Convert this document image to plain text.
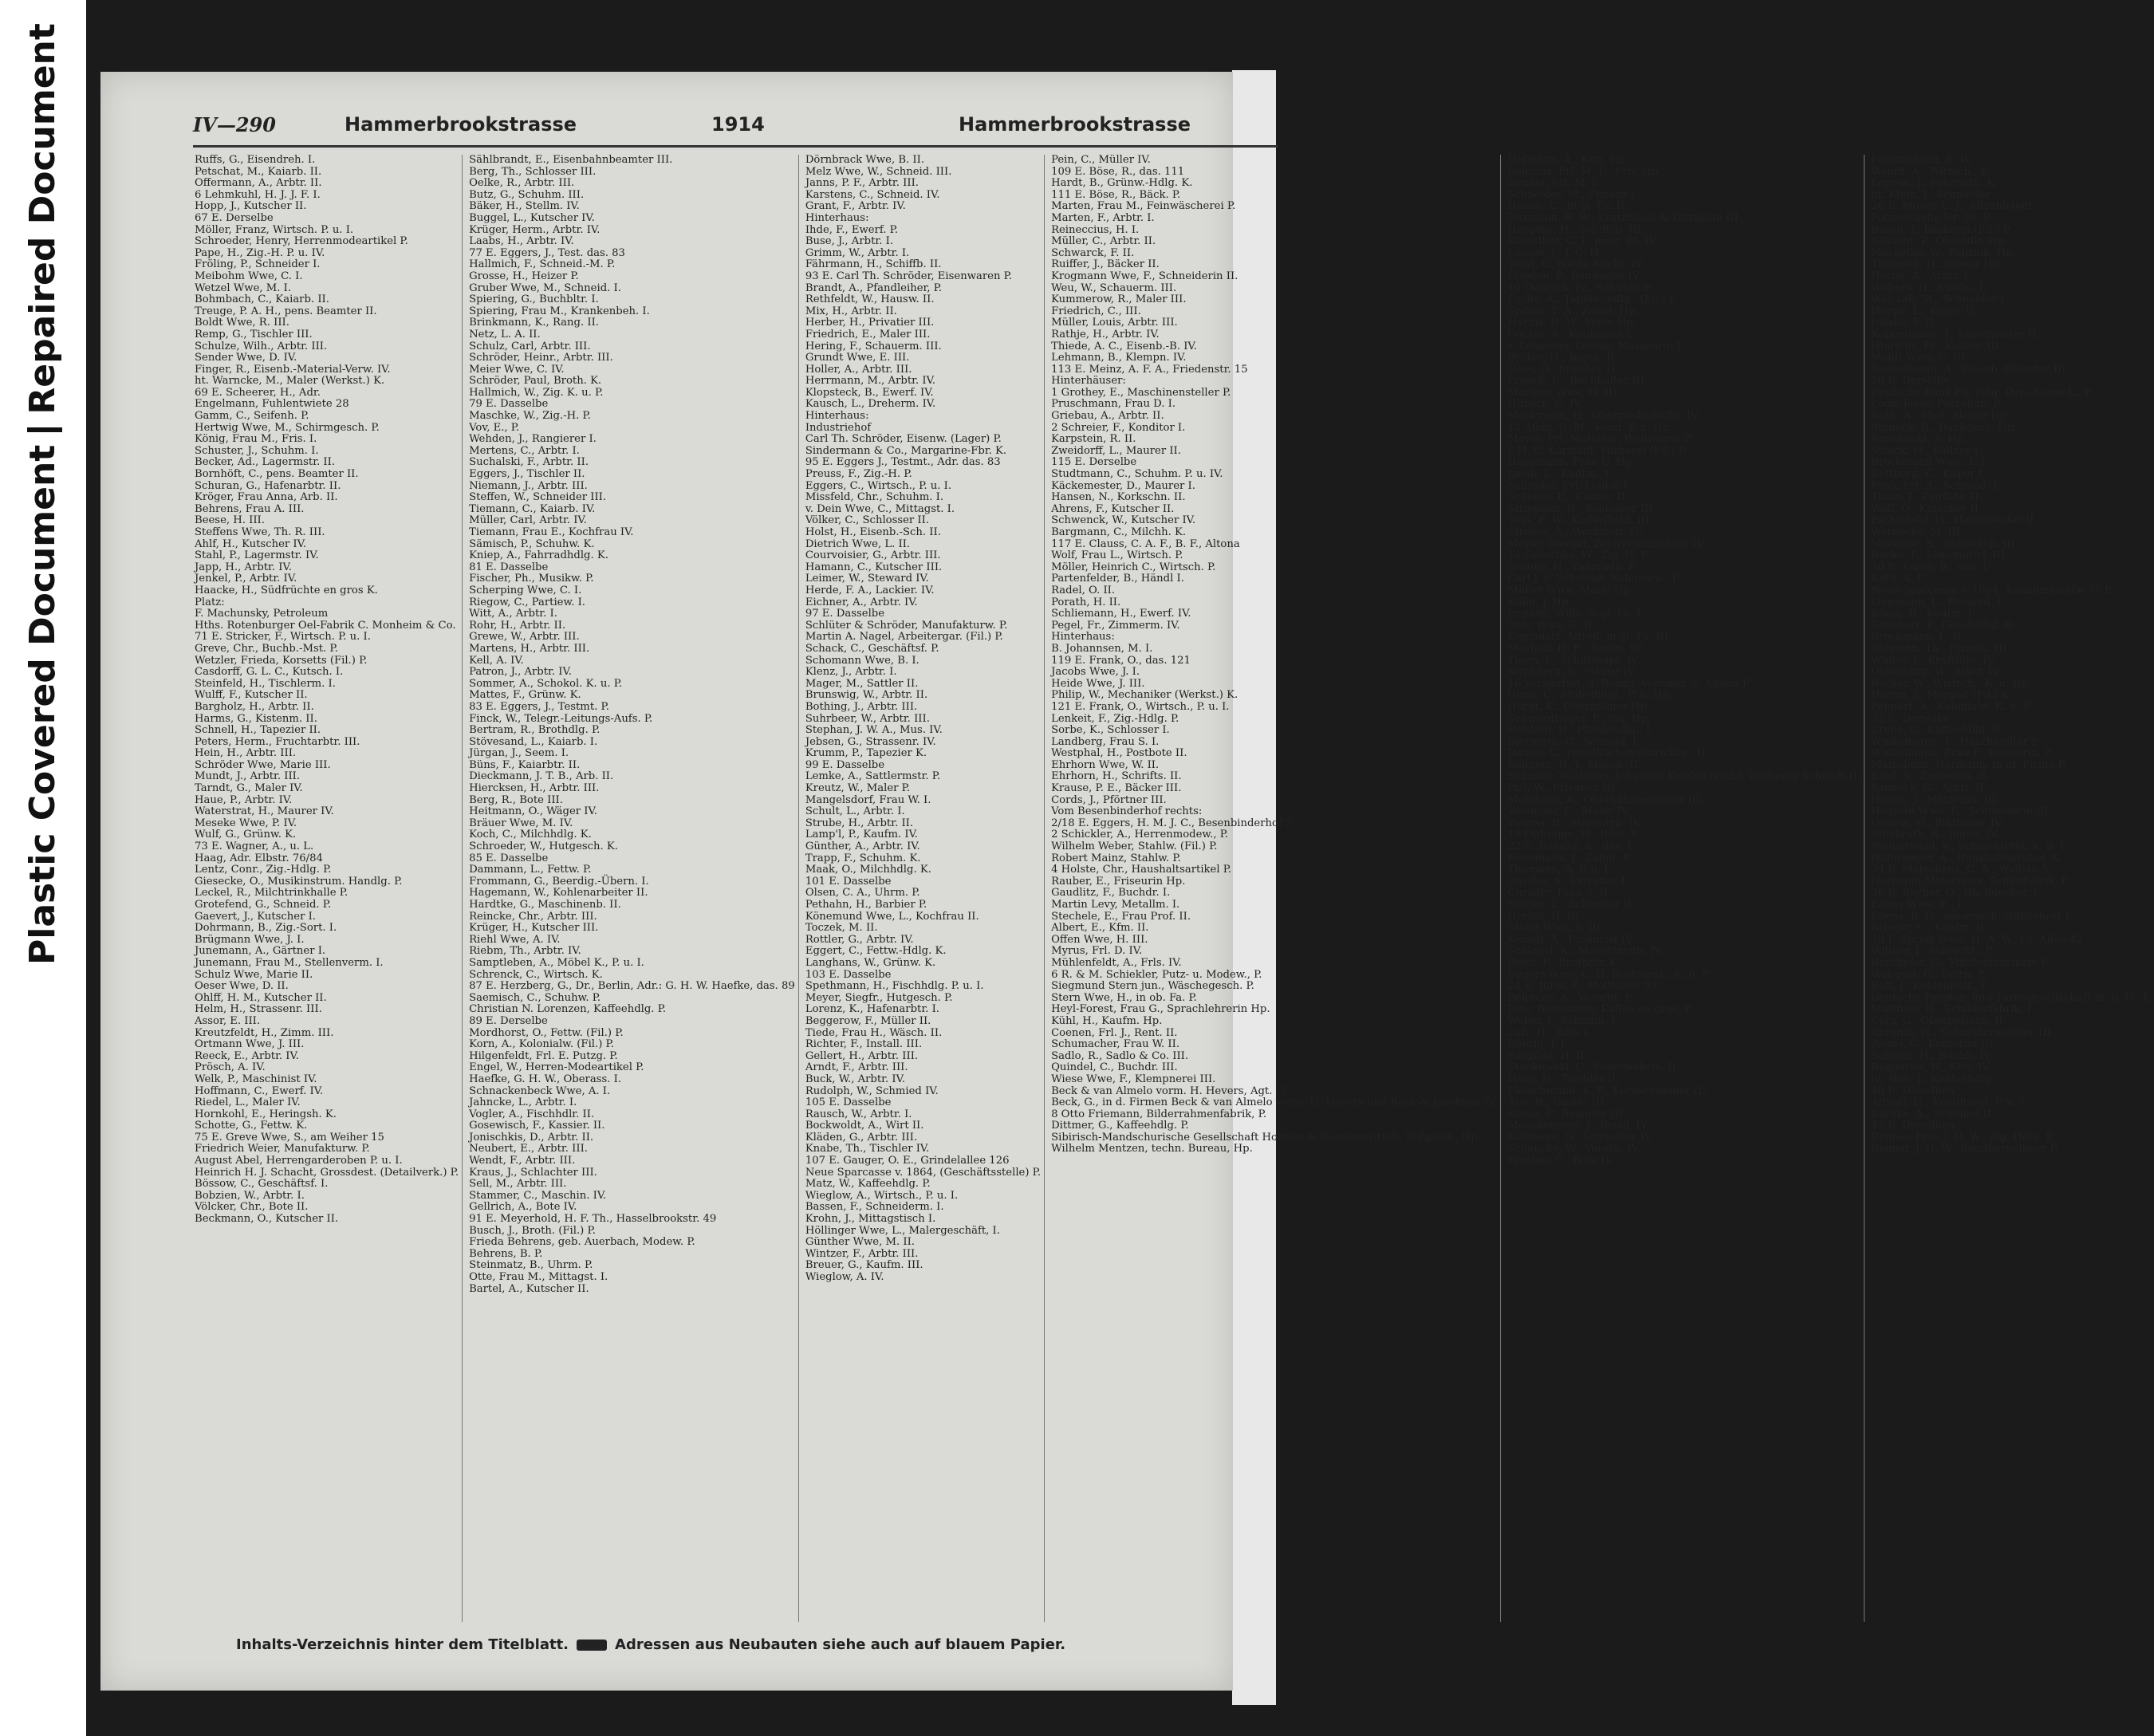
Plastic Covered DocumentRepaired Document	IV—290	Hammerbrookstrasse	1914	Hammerbrookstrasse
Ruffs, G., Eisendreh. I.
Petschat, M., Kaiarb. II.
Offermann, A., Arbtr. II.
6 Lehmkuhl, H. J. J. F. I.
Hopp, J., Kutscher II.
67 E. Derselbe
Möller, Franz, Wirtsch. P. u. I.
Schroeder, Henry, Herrenmodeartikel P.
Pape, H., Zig.-H. P. u. IV.
Fröling, P., Schneider I.
Meibohm Wwe, C. I.
Wetzel Wwe, M. I.
Bohmbach, C., Kaiarb. II.
Treuge, P. A. H., pens. Beamter II.
Boldt Wwe, R. III.
Remp, G., Tischler III.
Schulze, Wilh., Arbtr. III.
Sender Wwe, D. IV.
Finger, R., Eisenb.-Material-Verw. IV.
ht. Warncke, M., Maler (Werkst.) K.
69 E. Scheerer, H., Adr.
Engelmann, Fuhlentwiete 28
Gamm, C., Seifenh. P.
Hertwig Wwe, M., Schirmgesch. P.
König, Frau M., Fris. I.
Schuster, J., Schuhm. I.
Becker, Ad., Lagermstr. II.
Bornhöft, C., pens. Beamter II.
Schuran, G., Hafenarbtr. II.
Kröger, Frau Anna, Arb. II.
Behrens, Frau A. III.
Beese, H. III.
Steffens Wwe, Th. R. III.
Ahlf, H., Kutscher IV.
Stahl, P., Lagermstr. IV.
Japp, H., Arbtr. IV.
Jenkel, P., Arbtr. IV.
Haacke, H., Südfrüchte en gros K.
Platz:
F. Machunsky, Petroleum
Hths. Rotenburger Oel-Fabrik C. Monheim & Co.
71 E. Stricker, F., Wirtsch. P. u. I.
Greve, Chr., Buchb.-Mst. P.
Wetzler, Frieda, Korsetts (Fil.) P.
Casdorff, G. L. C., Kutsch. I.
Steinfeld, H., Tischlerm. I.
Wulff, F., Kutscher II.
Bargholz, H., Arbtr. II.
Harms, G., Kistenm. II.
Schnell, H., Tapezier II.
Peters, Herm., Fruchtarbtr. III.
Hein, H., Arbtr. III.
Schröder Wwe, Marie III.
Mundt, J., Arbtr. III.
Tarndt, G., Maler IV.
Haue, P., Arbtr. IV.
Waterstrat, H., Maurer IV.
Meseke Wwe, P. IV.
Wulf, G., Grünw. K.
73 E. Wagner, A., u. L.
Haag, Adr. Elbstr. 76/84
Lentz, Conr., Zig.-Hdlg. P.
Giesecke, O., Musikinstrum. Handlg. P.
Leckel, R., Milchtrinkhalle P.
Grotefend, G., Schneid. P.
Gaevert, J., Kutscher I.
Dohrmann, B., Zig.-Sort. I.
Brügmann Wwe, J. I.
Junemann, A., Gärtner I.
Junemann, Frau M., Stellenverm. I.
Schulz Wwe, Marie II.
Oeser Wwe, D. II.
Ohlff, H. M., Kutscher II.
Helm, H., Strassenr. III.
Assor, E. III.
Kreutzfeldt, H., Zimm. III.
Ortmann Wwe, J. III.
Reeck, E., Arbtr. IV.
Prösch, A. IV.
Welk, P., Maschinist IV.
Hoffmann, C., Ewerf. IV.
Riedel, L., Maler IV.
Hornkohl, E., Heringsh. K.
Schotte, G., Fettw. K.
75 E. Greve Wwe, S., am Weiher 15
Friedrich Weier, Manufakturw. P.
August Abel, Herrengarderoben P. u. I.
Heinrich H. J. Schacht, Grossdest. (Detailverk.) P.
Bössow, C., Geschäftsf. I.
Bobzien, W., Arbtr. I.
Völcker, Chr., Bote II.
Beckmann, O., Kutscher II.
Sählbrandt, E., Eisenbahnbeamter III.
Berg, Th., Schlosser III.
Oelke, R., Arbtr. III.
Butz, G., Schuhm. III.
Bäker, H., Stellm. IV.
Buggel, L., Kutscher IV.
Krüger, Herm., Arbtr. IV.
Laabs, H., Arbtr. IV.
77 E. Eggers, J., Test. das. 83
Hallmich, F., Schneid.-M. P.
Grosse, H., Heizer P.
Gruber Wwe, M., Schneid. I.
Spiering, G., Buchbltr. I.
Spiering, Frau M., Krankenbeh. I.
Brinkmann, K., Rang. II.
Netz, L. A. II.
Schulz, Carl, Arbtr. III.
Schröder, Heinr., Arbtr. III.
Meier Wwe, C. IV.
Schröder, Paul, Broth. K.
Hallmich, W., Zig. K. u. P.
79 E. Dasselbe
Maschke, W., Zig.-H. P.
Vov, E., P.
Wehden, J., Rangierer I.
Mertens, C., Arbtr. I.
Suchalski, F., Arbtr. II.
Eggers, J., Tischler II.
Niemann, J., Arbtr. III.
Steffen, W., Schneider III.
Tiemann, C., Kaiarb. IV.
Müller, Carl, Arbtr. IV.
Tiemann, Frau E., Kochfrau IV.
Sämisch, P., Schuhw. K.
Kniep, A., Fahrradhdlg. K.
81 E. Dasselbe
Fischer, Ph., Musikw. P.
Scherping Wwe, C. I.
Riegow, C., Partiew. I.
Witt, A., Arbtr. I.
Rohr, H., Arbtr. II.
Grewe, W., Arbtr. III.
Martens, H., Arbtr. III.
Kell, A. IV.
Patron, J., Arbtr. IV.
Sommer, A., Schokol. K. u. P.
Mattes, F., Grünw. K.
83 E. Eggers, J., Testmt. P.
Finck, W., Telegr.-Leitungs-Aufs. P.
Bertram, R., Brothdlg. P.
Stövesand, L., Kaiarb. I.
Jürgan, J., Seem. I.
Büns, F., Kaiarbtr. II.
Dieckmann, J. T. B., Arb. II.
Hiercksen, H., Arbtr. III.
Berg, R., Bote III.
Heitmann, O., Wäger IV.
Bräuer Wwe, M. IV.
Koch, C., Milchhdlg. K.
Schroeder, W., Hutgesch. K.
85 E. Dasselbe
Dammann, L., Fettw. P.
Frommann, G., Beerdig.-Übern. I.
Hagemann, W., Kohlenarbeiter II.
Hardtke, G., Maschinenb. II.
Reincke, Chr., Arbtr. III.
Krüger, H., Kutscher III.
Riehl Wwe, A. IV.
Riebm, Th., Arbtr. IV.
Samptleben, A., Möbel K., P. u. I.
Schrenck, C., Wirtsch. K.
87 E. Herzberg, G., Dr., Berlin, Adr.: G. H. W. Haefke, das. 89
Saemisch, C., Schuhw. P.
Christian N. Lorenzen, Kaffeehdlg. P.
89 E. Derselbe
Mordhorst, O., Fettw. (Fil.) P.
Korn, A., Kolonialw. (Fil.) P.
Hilgenfeldt, Frl. E. Putzg. P.
Engel, W., Herren-Modeartikel P.
Haefke, G. H. W., Oberass. I.
Schnackenbeck Wwe, A. I.
Jahncke, L., Arbtr. I.
Vogler, A., Fischhdlr. II.
Gosewisch, F., Kassier. II.
Jonischkis, D., Arbtr. II.
Neubert, E., Arbtr. III.
Wendt, F., Arbtr. III.
Kraus, J., Schlachter III.
Sell, M., Arbtr. III.
Stammer, C., Maschin. IV.
Gellrich, A., Bote IV.
91 E. Meyerhold, H. F. Th., Hasselbrookstr. 49
Busch, J., Broth. (Fil.) P.
Frieda Behrens, geb. Auerbach, Modew. P.
Behrens, B. P.
Steinmatz, B., Uhrm. P.
Otte, Frau M., Mittagst. I.
Bartel, A., Kutscher II.
Dörnbrack Wwe, B. II.
Melz Wwe, W., Schneid. III.
Janns, P. F., Arbtr. III.
Karstens, C., Schneid. IV.
Grant, F., Arbtr. IV.
Hinterhaus:
Ihde, F., Ewerf. P.
Buse, J., Arbtr. I.
Grimm, W., Arbtr. I.
Fährmann, H., Schiffb. II.
93 E. Carl Th. Schröder, Eisenwaren P.
Brandt, A., Pfandleiher, P.
Rethfeldt, W., Hausw. II.
Mix, H., Arbtr. II.
Herber, H., Privatier III.
Friedrich, E., Maler III.
Hering, F., Schauerm. III.
Grundt Wwe, E. III.
Holler, A., Arbtr. III.
Herrmann, M., Arbtr. IV.
Klopsteck, B., Ewerf. IV.
Kausch, L., Dreherm. IV.
Hinterhaus:
Industriehof
Carl Th. Schröder, Eisenw. (Lager) P.
Sindermann & Co., Margarine-Fbr. K.
95 E. Eggers J., Testmt., Adr. das. 83
Preuss, F., Zig.-H. P.
Eggers, C., Wirtsch., P. u. I.
Missfeld, Chr., Schuhm. I.
v. Dein Wwe, C., Mittagst. I.
Völker, C., Schlosser II.
Holst, H., Eisenb.-Sch. II.
Dietrich Wwe, L. II.
Courvoisier, G., Arbtr. III.
Hamann, C., Kutscher III.
Leimer, W., Steward IV.
Herde, F. A., Lackier. IV.
Eichner, A., Arbtr. IV.
97 E. Dasselbe
Schlüter & Schröder, Manufakturw. P.
Martin A. Nagel, Arbeitergar. (Fil.) P.
Schack, C., Geschäftsf. P.
Schomann Wwe, B. I.
Klenz, J., Arbtr. I.
Mager, M., Sattler II.
Brunswig, W., Arbtr. II.
Bothing, J., Arbtr. III.
Suhrbeer, W., Arbtr. III.
Stephan, J. W. A., Mus. IV.
Jebsen, G., Strassenr. IV.
Krumm, P., Tapezier K.
99 E. Dasselbe
Lemke, A., Sattlermstr. P.
Kreutz, W., Maler P.
Mangelsdorf, Frau W. I.
Schult, L., Arbtr. I.
Strube, H., Arbtr. II.
Lamp'l, P., Kaufm. IV.
Günther, A., Arbtr. IV.
Trapp, F., Schuhm. K.
Maak, O., Milchhdlg. K.
101 E. Dasselbe
Olsen, C. A., Uhrm. P.
Pethahn, H., Barbier P.
Könemund Wwe, L., Kochfrau II.
Toczek, M. II.
Rottler, G., Arbtr. IV.
Eggert, C., Fettw.-Hdlg. K.
Langhans, W., Grünw. K.
103 E. Dasselbe
Spethmann, H., Fischhdlg. P. u. I.
Meyer, Siegfr., Hutgesch. P.
Lorenz, K., Hafenarbtr. I.
Beggerow, F., Müller II.
Tiede, Frau H., Wäsch. II.
Richter, F., Install. III.
Gellert, H., Arbtr. III.
Arndt, F., Arbtr. III.
Buck, W., Arbtr. IV.
Rudolph, W., Schmied IV.
105 E. Dasselbe
Rausch, W., Arbtr. I.
Bockwoldt, A., Wirt II.
Kläden, G., Arbtr. III.
Knabe, Th., Tischler IV.
107 E. Gauger, O. E., Grindelallee 126
Neue Sparcasse v. 1864, (Geschäftsstelle) P.
Matz, W., Kaffeehdlg. P.
Wieglow, A., Wirtsch., P. u. I.
Bassen, F., Schneiderm. I.
Krohn, J., Mittagstisch I.
Höllinger Wwe, L., Malergeschäft, I.
Günther Wwe, M. II.
Wintzer, F., Arbtr. III.
Breuer, G., Kaufm. III.
Wieglow, A. IV.
Pein, C., Müller IV.
109 E. Böse, R., das. 111
Hardt, B., Grünw.-Hdlg. K.
111 E. Böse, R., Bäck. P.
Marten, Frau M., Feinwäscherei P.
Marten, F., Arbtr. I.
Reineccius, H. I.
Müller, C., Arbtr. II.
Schwarck, F. II.
Ruiffer, J., Bäcker II.
Krogmann Wwe, F., Schneiderin II.
Weu, W., Schauerm. III.
Kummerow, R., Maler III.
Friedrich, C., III.
Müller, Louis, Arbtr. III.
Rathje, H., Arbtr. IV.
Thiede, A. C., Eisenb.-B. IV.
Lehmann, B., Klempn. IV.
113 E. Meinz, A. F. A., Friedenstr. 15
Hinterhäuser:
1 Grothey, E., Maschinensteller P.
Pruschmann, Frau D. I.
Griebau, A., Arbtr. II.
2 Schreier, F., Konditor I.
Karpstein, R. II.
Zweidorff, L., Maurer II.
115 E. Derselbe
Studtmann, C., Schuhm. P. u. IV.
Käckemester, D., Maurer I.
Hansen, N., Korkschn. II.
Ahrens, F., Kutscher II.
Schwenck, W., Kutscher IV.
Bargmann, C., Milchh. K.
117 E. Clauss, C. A. F., B. F., Altona
Wolf, Frau L., Wirtsch. P.
Möller, Heinrich C., Wirtsch. P.
Partenfelder, B., Händl I.
Radel, O. II.
Porath, H. II.
Schliemann, H., Ewerf. IV.
Pegel, Fr., Zimmerm. IV.
Hinterhaus:
B. Johannsen, M. I.
119 E. Frank, O., das. 121
Jacobs Wwe, J. I.
Heide Wwe, J. III.
Philip, W., Mechaniker (Werkst.) K.
121 E. Frank, O., Wirtsch., P. u. I.
Lenkeit, F., Zig.-Hdlg. P.
Sorbe, K., Schlosser I.
Landberg, Frau S. I.
Westphal, H., Postbote II.
Ehrhorn Wwe, W. II.
Ehrhorn, H., Schrifts. II.
Krause, P. E., Bäcker III.
Cords, J., Pförtner III.
Vom Besenbinderhof rechts:
2/18 E. Eggers, H. M. J. C., Besenbinderhof 3
2 Schickler, A., Herrenmodew., P.
Wilhelm Weber, Stahlw. (Fil.) P.
Robert Mainz, Stahlw. P.
4 Holste, Chr., Haushaltsartikel P.
Rauber, E., Friseurin Hp.
Gaudlitz, F., Buchdr. I.
Martin Levy, Metallm. I.
Stechele, E., Frau Prof. II.
Albert, E., Kfm. II.
Offen Wwe, H. III.
Myrus, Frl. D. IV.
Mühlenfeldt, A., Frls. IV.
6 R. & M. Schiekler, Putz- u. Modew., P.
Siegmund Stern jun., Wäschegesch. P.
Stern Wwe, H., in ob. Fa. P.
Heyl-Forest, Frau G., Sprachlehrerin Hp.
Kühl, H., Kaufm. Hp.
Coenen, Frl. J., Rent. II.
Schumacher, Frau W. II.
Sadlo, R., Sadlo & Co. III.
Quindel, C., Buchdr. III.
Wiese Wwe, F., Klempnerei III.
Beck & van Almelo vorm. H. Hevers, Agt. IV.
Beck, G., in d. Firmen Beck & van Almelo vorm. H. Hevers und Beck & Jacobsen IV.
8 Otto Friemann, Bilderrahmenfabrik, P.
Dittmer, G., Kaffeehdlg. P.
Sibirisch-Mandschurische Gesellschaft Hofman & Bessenewitsch, Rohprod., Hp.
Wilhelm Mentzen, techn. Bureau, Hp.
Hofmann, A., Kfm. Hp.
Behrens, Frl. M. L., Priv. Hp.
Renner, Frl. M. I.
Schneider, M., Friseur I.
Holste, C., in gl. Fa. II.
Dittmann, B. W., Kratzmann & Dittmann III.
Hargens, H., Schiffsb. III.
Kesselhut, C. J., pens. Bt. IV.
Lassen, J., J. G. H.
Voigt, C. Wiede Nacht. IV.
Frieden, P., Bandagist IV.
10 Deutsch, Fr., Schuhw. P.
Esche, A., Tapetenhdlg., (Fil.) P.
Spitzer, F. A., Zahnt. Hp.
Harms, H. W., Verw. Hp.
Gockel, A., Kaufmann I.
v. Lehenner, Louise, Masseurin I.
Bröker, H., Ingen. II.
Hass, O., Juwelier II.
Franck, E., Buchhalter III.
Martens Wwe, H. III.
Hübsch, C. IV.
Markmann, H., Oberpostschaffn. IV.
12 Albig, G. M., Kond. P. u. Hp.
Meyer, Frl. Mathilde, Wollwaren P.
J. H. C. Karstadt, Färberei (Fil.) P.
Hagemann, Frau G. Hp.
Jacob, L., Kaufm., I.
Schröder, Frl. Louise I.
Scheuer, E., Kaufm. II.
Strippgen, R., Schlosser III.
Voss, E. W., Kofferfbrkt. III.
Strelow, A., Werkmstr. IV.
Meyer, Oswald, Zigarrenfabrikant IV.
14 Gröschke, W., Zig.-H. P.
Braune, H., Fahrradh. P.
Carl J. F. Schröder, Kolonialw., P.
Müller Wwe, Marie Hp.
Kuhn, J. Hp.
Irrgang, Willy, in gl. Fa. I.
Suhr Wwe, C. II.
Eigendorf, Alfred, in gl. Fa. III.
Meyhoff, H. E., Gastw. III.
Timm, F., Schiffskapt. IV.
Kirchberg, F., Pianist IV.
16 Verkaufsst. d. Beamt.-Vereinig. z. Altona P.
Glass, C., Möbelhdlg., P. u. Hp.
Hergt, K., Oberkellner Hp.
Schwerdtfeger, P., Ing. Hp.
Heidorn, H., Pferdehdlg., I.
Bierwirth, C., Schneid. I.
Jaitner, C., Hotelküchen-einrichtg., II.
Reimers, H. J., Masch. II.
Schmidt, Wolfgang, Johannes Kriebel Nachf. Wolfgang Schmidt II.
Pizl, W., Privatier III.
Mehlhose, A., Oberbahnassistent III.
Woeniger, C., Maler IV.
Werner, B., Stereotyp. IV.
18 Ohlrogge, H., Rest. P.
22 E. Dassler, A., das. I.
Hausmann, J., Zahnt. P.
Thumann, A. P. u. I.
Dassler, A., Privatier I.
Christer, Frau S. II.
Heicke, L., Schlosser II.
Herbst, H. III.
Stoldt Wwe, F. III.
Keiselt, A., Prokurist IV.
Schlegel, K., Maschinenb. IV.
Bieth, F., Brothdlr. K.
Eggers Wwe, C. H. Restaurat., K. u. P.
24 E. Jürss, P., Moltkestr. 51
Behncke, A., Vorarbt. P.
Johs. Benemann, Kaffee en gros, P.
Weber, J., Schuhm. I.
Luft, H., Bote I.
Röhrig, J. I.
Bargfeld, H. II.
Stankowski, C., Feuerwehrm. II.
Hans, H., Tischler II.
Fleischmann, K. F., Korkschneider III.
Aué, R., Gastw. III.
Sense, P., Beamter III.
Mönckemeier, J., Reisd. IV.
Kellmann, O., Schneider IV.
Schäncke, W., Vorarb. IV.
Penther, C., Bote IV.
Friedrichsen, B. IV.
Wendt, A., Wirtsch., K.
Leppek, J., Fahrradh. K.
ht. Klein, J., Schneider
26 E. Moser, C. J., Altrahlstedt
Polizeiwache Nr. 39, P.
Busch, J., Bäckerei (Fil.) P.
Schacht, P., Obsthdlr. Hp.
Mechelke, W., Polizeib. Hp.
Thomsen, H., Glaser Hp.
Hartje, A., Arbtr. I.
Wolters, H., Kaufm. I.
Walczak, St., Schneider I.
Hoppe, L., Küper II.
Jobske, F. II.
Koppelmann, J., Lademeister II.
Hinrichs, Fr., Kellner III.
Moldt Wwe, C. III.
Boekelmann, A., Eisenb.-Beamter III.
28 E. Derselbe
Deutsche Bank Fil. Hbg. Dep.-Kasse L., P.
Louis Jesse, Porzellan, P.
Roth, A., Phot. Atelier Hp.
Staneck, R., Dachdeck. Hp.
Rosendahl, A. Hp.
Struck, H., Kellner I.
Brockmann Wwe, F. I.
Rettberg, C., Küper I.
Froh, Frl. A., Schneid. I.
Timm, J., Zugführ. II.
Wolf, O., Kutscher II.
Pschichold, H., Hausmeister II.
Warnecke, M. III.
Meissner, R., Stereotyp. III.
Bucke, F., Lokomotivf. III.
30 E. König, B., das. I.
Kath, A. P.
Neue Sparcasse v. 1864, Annahmestelle 57 P.
Liepmann, L., Reisend. I.
König, B., Kaufm. I.
Schubert, P., Geschäftsf. II.
Brockmann, L. II.
Ahlmann, Th., Privatb. III.
Winter, P., Kraftführ. IV.
Oldenburg, W., Arbtr. IV.
Becker, W., Wirtsch., K. u. Hp.
Harms, J., Margar. (Fil.) K.
Pappert, A., Kolonialw. K. u. P.
32 E. Derselbe
Crone, C., Kaffeehdlg. P.
Winkelmann, F., Haarhändler P.
Winkelmann, Frau F., Friseurin, P.
Matschenz, Hermann, in gl. Firma P.
Kroll, V., Zimmerm. II.
Sanneck, G., Arbtr. II.
Hintze, J., Mützenm. III.
Hogrefe Wwe, E., Schneiderin III.
Quooss, G., Bildhauer IV.
Stückrath, R., Ingen. IV.
Steigerwald, V., Schlachterei, K. u. I.
Hollwanger, A., Haushaltsartikel, K.
34 E. Matschenz, C. A., Wallstr. 5
Hermann Matschenz, Seifenfabrik, P.
36 E. Reyher, O., Dachdecker, I.
Edens Wwe, E., I.
Edens, R. D., wissensch. Hilfslehrer I.
Brieger, C., Kaufm. II.
38 F. Spriek Wwe, H. A. W., Gr. Allee 42
Willner, J., Schlacht., P.
Ruschpler, G., Mühlenfabrikate P.
Wollgast, G., Fettw. P.
Bolt, J., Kohlenhdlr., P.
Deutsche Fenster- und Türengesellschaft m. b. H., I.
Matthies, H., Schilderfabrik, I.
Cors, G., Oberpostsch. II.
Ahrendt, H., Schneidermeister III.
Ziems, G., Kontorist III.
Schwan, H., Buchb. IV.
Beggerow, W., Kfm. IV.
ht. Bolt, J., Kohlenhdlg.
40 E. Dieselben
Althoff, H., Konditorei, P. u. I.
Rathke, A., Schmied II.
42 E. Dieselben
Reimer, Frau J. H. W., Zig.-Hdlg. P.
Reimer, J. H. W., Baunbernehmer P.
Inhalts-Verzeichnis hinter dem Titelblatt.	Adressen aus Neubauten siehe auch auf blauem Papier.
